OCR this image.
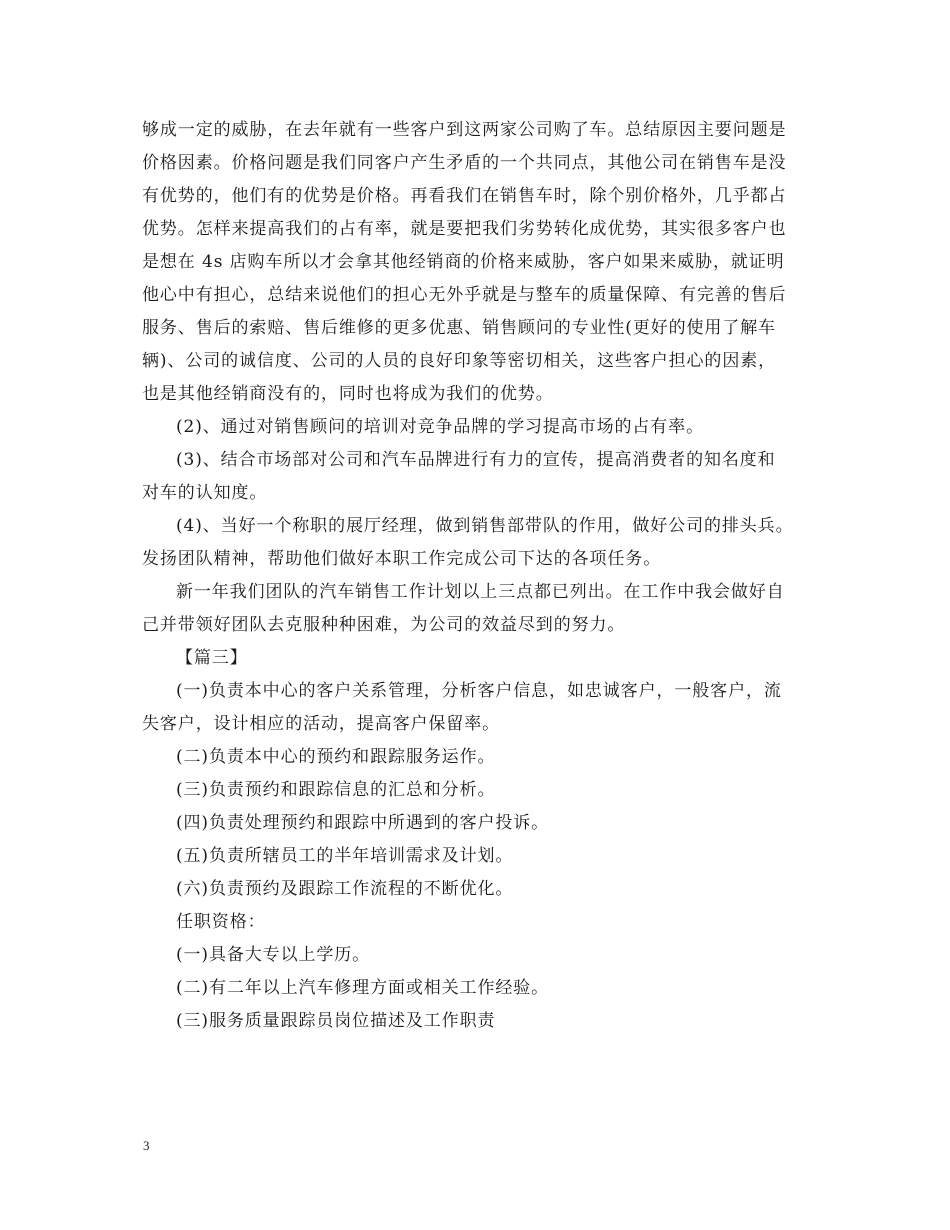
够成一定的威胁，在去年就有一些客户到这两家公司购了车。总结原因主要问题是
价格因素。价格问题是我们同客户产生矛盾的一个共同点，其他公司在销售车是没
有优势的，他们有的优势是价格。再看我们在销售车时，除个别价格外，几乎都占
优势。怎样来提高我们的占有率，就是要把我们劣势转化成优势，其实很多客户也
是想在 4s 店购车所以才会拿其他经销商的价格来威胁，客户如果来威胁，就证明
他心中有担心，总结来说他们的担心无外乎就是与整车的质量保障、有完善的售后
服务、售后的索赔、售后维修的更多优惠、销售顾问的专业性(更好的使用了解车
辆)、公司的诚信度、公司的人员的良好印象等密切相关，这些客户担心的因素，
也是其他经销商没有的，同时也将成为我们的优势。
(2)、通过对销售顾问的培训对竞争品牌的学习提高市场的占有率。
(3)、结合市场部对公司和汽车品牌进行有力的宣传，提高消费者的知名度和
对车的认知度。
(4)、当好一个称职的展厅经理，做到销售部带队的作用，做好公司的排头兵。
发扬团队精神，帮助他们做好本职工作完成公司下达的各项任务。
新一年我们团队的汽车销售工作计划以上三点都已列出。在工作中我会做好自
己并带领好团队去克服种种困难，为公司的效益尽到的努力。
【篇三】
(一)负责本中心的客户关系管理，分析客户信息，如忠诚客户，一般客户，流
失客户，设计相应的活动，提高客户保留率。
(二)负责本中心的预约和跟踪服务运作。
(三)负责预约和跟踪信息的汇总和分析。
(四)负责处理预约和跟踪中所遇到的客户投诉。
(五)负责所辖员工的半年培训需求及计划。
(六)负责预约及跟踪工作流程的不断优化。
任职资格：
(一)具备大专以上学历。
(二)有二年以上汽车修理方面或相关工作经验。
(三)服务质量跟踪员岗位描述及工作职责
3
